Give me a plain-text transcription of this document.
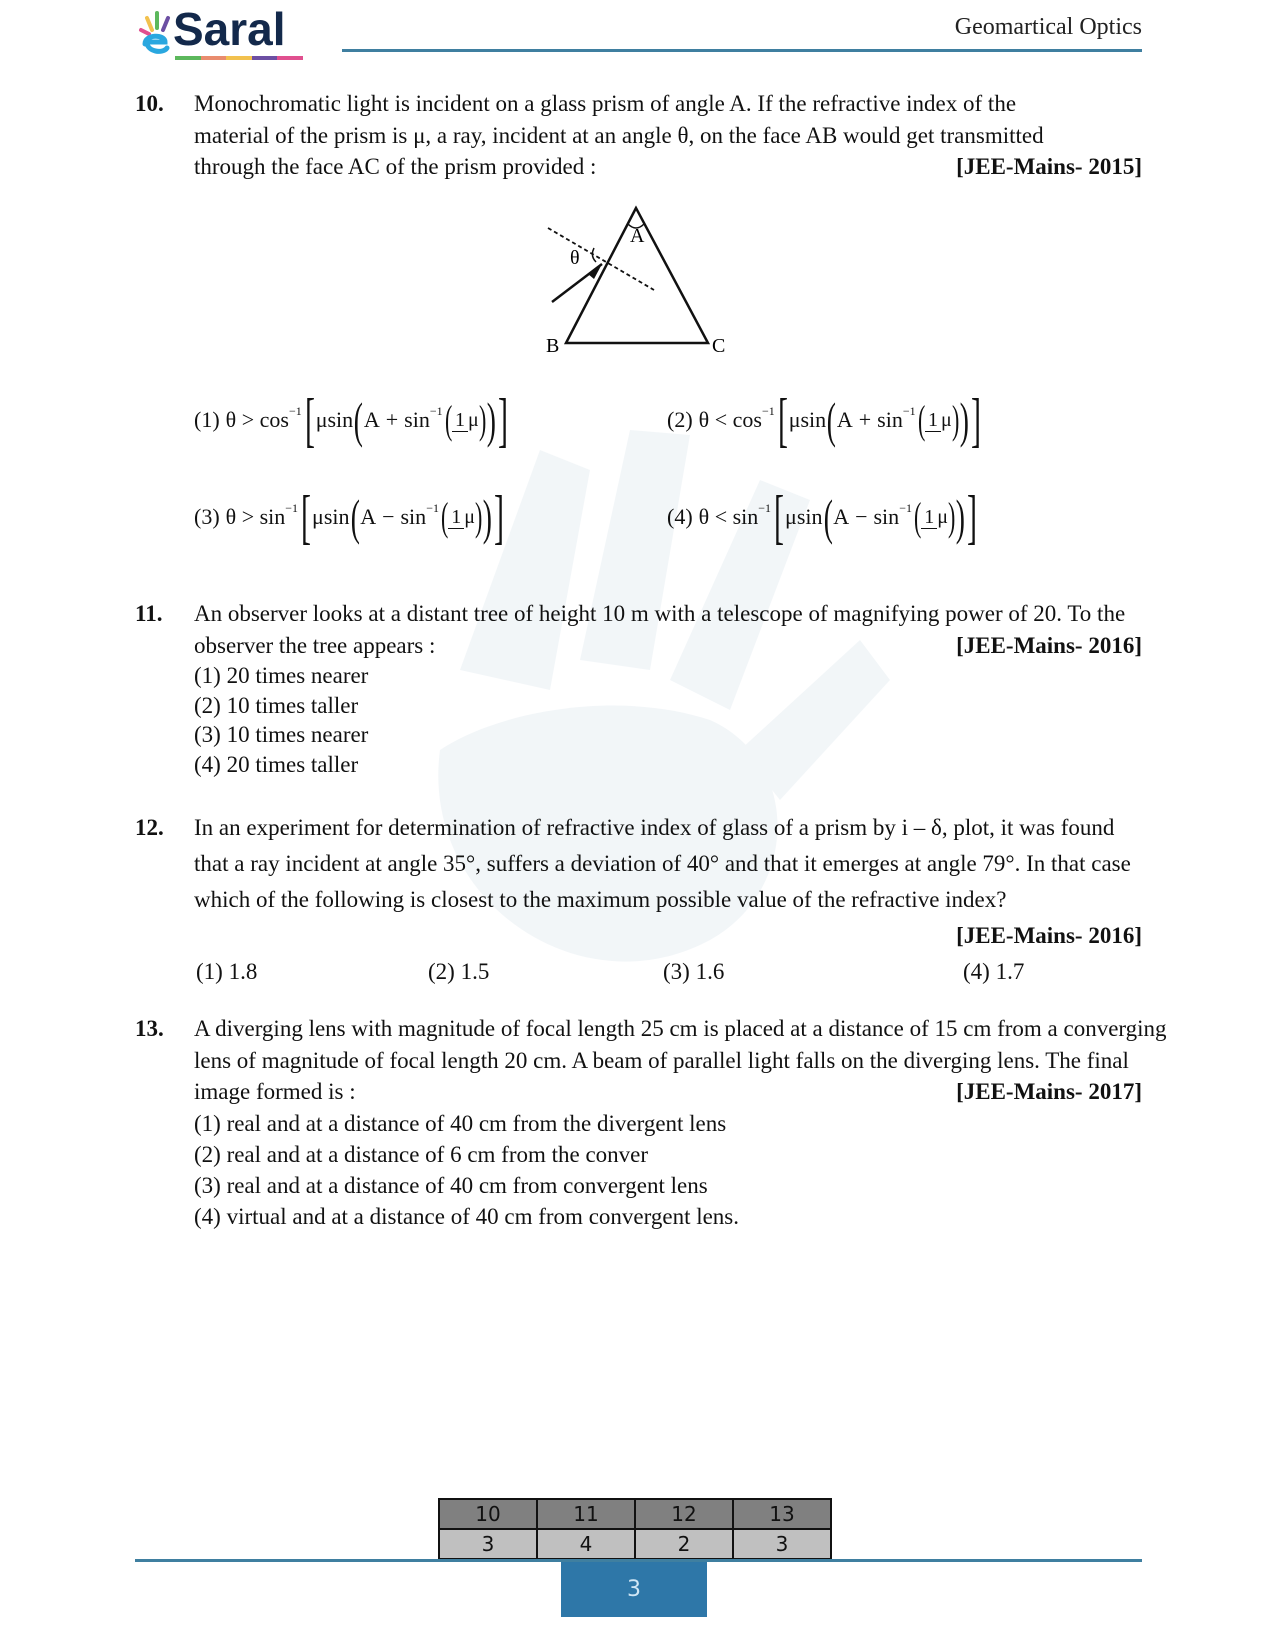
Saral	Geomartical Optics
10. Monochromatic light is incident on a glass prism of angle A. If the refractive index of the
material of the prism is μ, a ray, incident at an angle θ, on the face AB would get transmitted
[JEE-Mains- 2015]
through the face AC of the prism provided :
A
θ
B	C
(1) θ > cos −1 [ μ sin ( A + sin −1 ( 1 μ ) ) ]	(2) θ < cos −1 [ μ sin ( A + sin −1 ( 1 μ ) ) ]
(3) θ > sin −1 [ μ sin ( A − sin −1 ( 1 μ ) ) ]	(4) θ < sin −1 [ μ sin ( A − sin −1 ( 1 μ ) ) ]
11. An observer looks at a distant tree of height 10 m with a telescope of magnifying power of 20. To the
[JEE-Mains- 2016]
observer the tree appears :
(1) 20 times nearer
(2) 10 times taller
(3) 10 times nearer
(4) 20 times taller
12. In an experiment for determination of refractive index of glass of a prism by i – δ, plot, it was found
that a ray incident at angle 35°, suffers a deviation of 40° and that it emerges at angle 79°. In that case
which of the following is closest to the maximum possible value of the refractive index?
[JEE-Mains- 2016]
(1) 1.8	(2) 1.5	(3) 1.6	(4) 1.7
13. A diverging lens with magnitude of focal length 25 cm is placed at a distance of 15 cm from a converging
lens of magnitude of focal length 20 cm. A beam of parallel light falls on the diverging lens. The final
[JEE-Mains- 2017]
image formed is :
(1) real and at a distance of 40 cm from the divergent lens
(2) real and at a distance of 6 cm from the conver
(3) real and at a distance of 40 cm from convergent lens
(4) virtual and at a distance of 40 cm from convergent lens.
10	11	12	13
3	4	2	3
3
